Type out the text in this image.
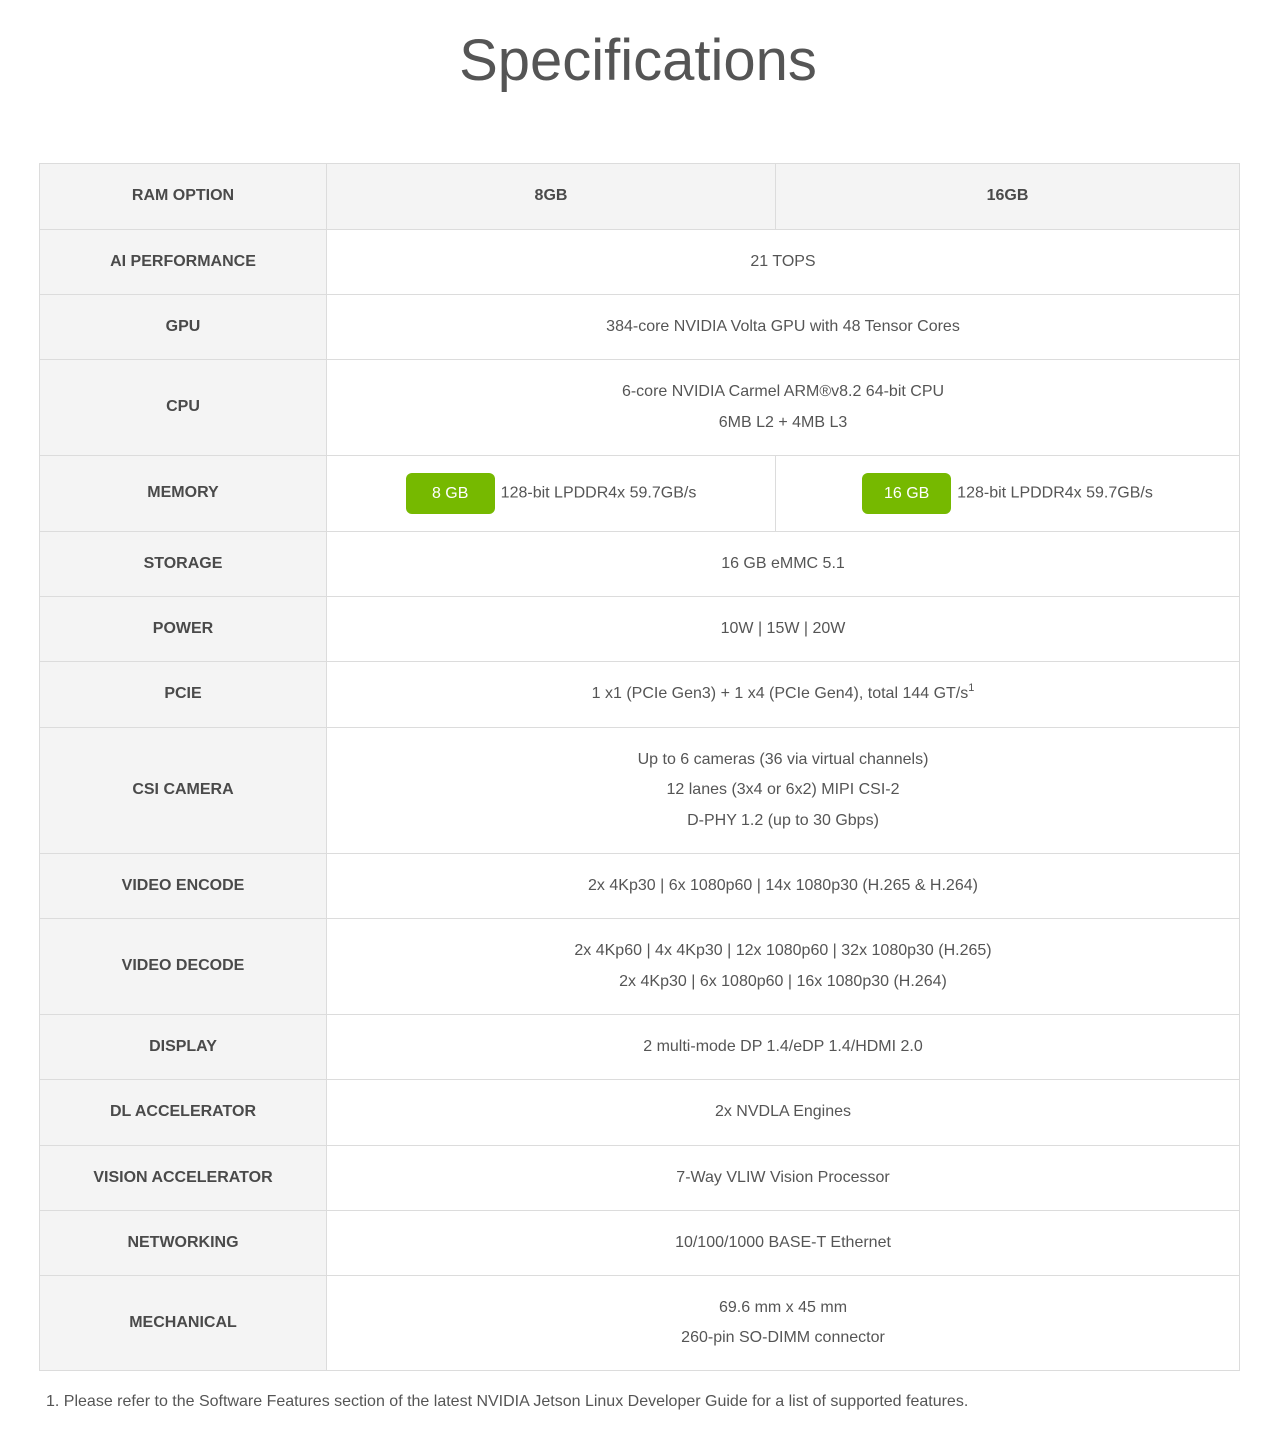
Specifications
RAM OPTION	8GB	16GB
AI PERFORMANCE	21 TOPS	
GPU	384-core NVIDIA Volta GPU with 48 Tensor Cores	
CPU	6-core NVIDIA Carmel ARM®v8.2 64-bit CPU
6MB L2 + 4MB L3	

MEMORY	8 GB 128-bit LPDDR4x 59.7GB/s	16 GB 128-bit LPDDR4x 59.7GB/s
STORAGE	16 GB eMMC 5.1	
POWER	10W | 15W | 20W	
PCIE	1 x1 (PCIe Gen3) + 1 x4 (PCIe Gen4), total 144 $GT/s^1$
CSI CAMERA	Up to 6 cameras (36 via virtual channels)
12 lanes (3x4 or 6x2) MIPI CSI-2
D-PHY 1.2 (up to 30 Gbps)	

VIDEO ENCODE	2x 4Kp30 | 6x 1080p60 | 14x 1080p30 (H.265 & H.264)	
VIDEO DECODE	2x 4Kp60 | 4x 4Kp30 | 12x 1080p60 | 32x 1080p30 (H.265)
2x 4Kp30 | 6x 1080p60 | 16x 1080p30 (H.264)	

DISPLAY	2 multi-mode DP 1.4/eDP 1.4/HDMI 2.0	
DL ACCELERATOR	2x NVDLA Engines	
VISION ACCELERATOR	7-Way VLIW Vision Processor	
NETWORKING	10/100/1000 BASE-T Ethernet	
MECHANICAL	69.6 mm x 45 mm
260-pin SO-DIMM connector	

1. Please refer to the Software Features section of the latest NVIDIA Jetson Linux Developer Guide for a list of supported features.
